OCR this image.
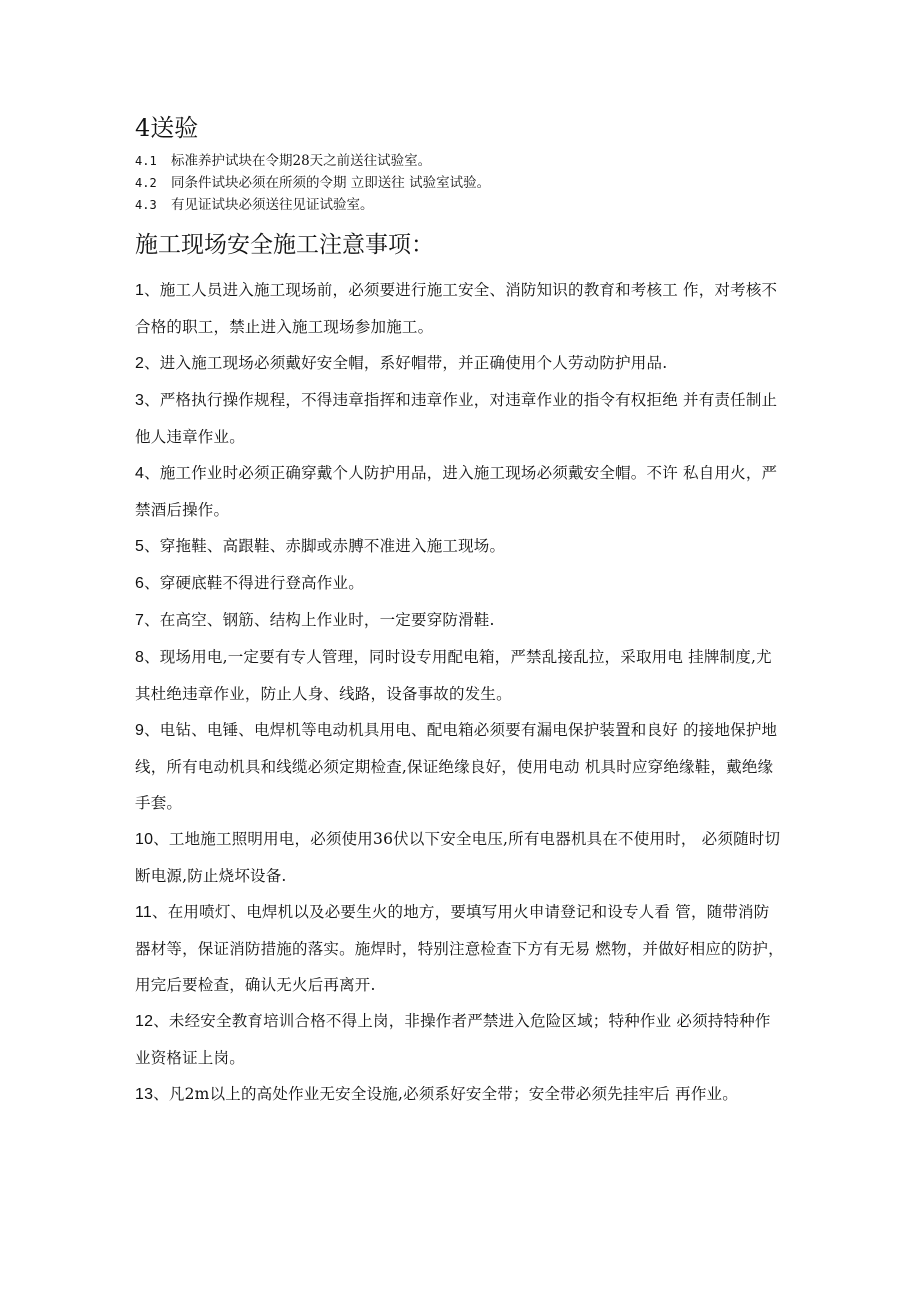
4送验
4.1 标准养护试块在令期28天之前送往试验室。
4.2 同条件试块必须在所须的令期 立即送往 试验室试验。
4.3 有见证试块必须送往见证试验室。
施工现场安全施工注意事项：

1、施工人员进入施工现场前，必须要进行施工安全、消防知识的教育和考核工 作，对考核不合格的职工，禁止进入施工现场参加施工。

2、进入施工现场必须戴好安全帽，系好帽带，并正确使用个人劳动防护用品.

3、严格执行操作规程，不得违章指挥和违章作业，对违章作业的指令有权拒绝 并有责任制止他人违章作业。

4、施工作业时必须正确穿戴个人防护用品，进入施工现场必须戴安全帽。不许 私自用火，严禁酒后操作。

5、穿拖鞋、高跟鞋、赤脚或赤膊不准进入施工现场。

6、穿硬底鞋不得进行登高作业。

7、在高空、钢筋、结构上作业时，一定要穿防滑鞋.

8、现场用电,一定要有专人管理，同时设专用配电箱，严禁乱接乱拉，采取用电 挂牌制度,尤其杜绝违章作业，防止人身、线路，设备事故的发生。

9、电钻、电锤、电焊机等电动机具用电、配电箱必须要有漏电保护装置和良好 的接地保护地线，所有电动机具和线缆必须定期检查,保证绝缘良好，使用电动 机具时应穿绝缘鞋，戴绝缘手套。

10、工地施工照明用电，必须使用36伏以下安全电压,所有电器机具在不使用时， 必须随时切断电源,防止烧坏设备.

11、在用喷灯、电焊机以及必要生火的地方，要填写用火申请登记和设专人看 管，随带消防器材等，保证消防措施的落实。施焊时，特别注意检查下方有无易 燃物，并做好相应的防护，用完后要检查，确认无火后再离开.

12、未经安全教育培训合格不得上岗，非操作者严禁进入危险区域；特种作业 必须持特种作业资格证上岗。

13、凡2m以上的高处作业无安全设施,必须系好安全带；安全带必须先挂牢后 再作业。
